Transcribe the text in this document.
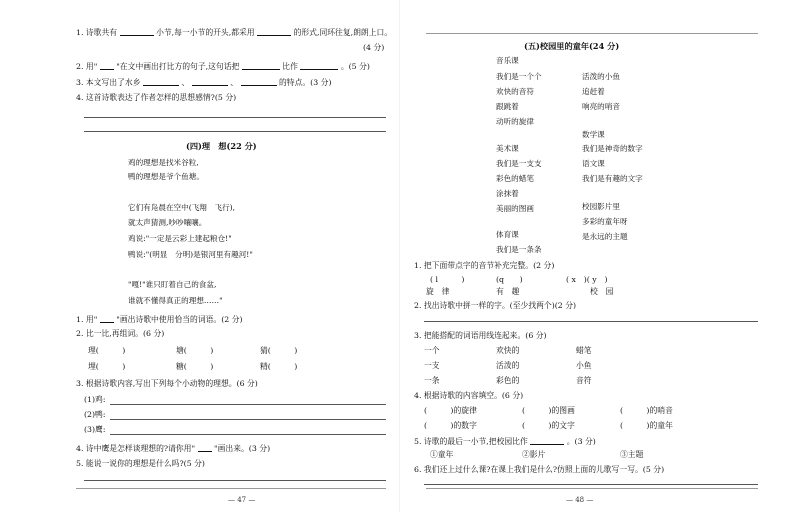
1. 诗歌共有	小节,每一小节的开头,都采用	的形式,同环往复,朗朗上口。
(4 分)
2. 用" "在文中画出打比方的句子,这句话把	比作	。(5 分)
3. 本文写出了水乡	、	、	的特点。(3 分)
4. 这首诗歌表达了作者怎样的思想感情?(5 分)
(四)理　想(22 分)
鸡的理想是找米谷粒,
鸭的理想是爷个鱼塘。
它们有凫晨在空中(飞翔　飞行),
就太声猜测,吵吵嚷嚷。
鸡说:"一定是云彩上建起粮仓!"
鸭说:"(明显　分明)是银河里有趣河!"
"嘎!"谁只盯着自己的食盆,
谁就不懂得真正的理想……"
1. 用" "画出诗歌中使用恰当的词语。(2 分)
2. 比一比,再组词。(6 分)
理(　　　)	塘(　　　)	猜(　　　)
埋(　　　)	糖(　　　)	精(　　　)
3. 根据诗歌内容,写出下列每个小动物的理想。(6 分)
(1)鸡:
(2)鸭:
(3)鹰:
4. 诗中鹰是怎样谈理想的?请你用" "画出来。(3 分)
5. 能说一说你的理想是什么吗?(5 分)
— 47 —
(五)校园里的童年(24 分)
音乐课
我们是一个个
欢快的音符
跟跳着
动听的旋律
美术课
我们是一支支
彩色的蜡笔
涂抹着
美丽的图画
体育课
我们是一条条
活泼的小鱼
追赶着
响亮的哨音
数学课
我们是神奇的数字
语文课
我们是有趣的文字
校园影片里
多彩的童年呀
是永远的主题
1. 把下面带点字的音节补充完整。(2 分)
( l　　　)	(q　　)	( x　)( y　)
旋　律	有　趣	校　园
2. 找出诗歌中拼一样的字。(至少找两个)(2 分)
3. 把能搭配的词语用线连起来。(6 分)
一个
一支
一条
欢快的
活泼的
彩色的
蜡笔
小鱼
音符
4. 根据诗歌的内容填空。(6 分)
(　　　)的旋律	(　　　)的图画	(　　　)的哨音
(　　　)的数字	(　　　)的文字	(　　　)的童年
5. 诗歌的最后一小节,把校园比作	。(3 分)
①童年	②影片	③主题
6. 我们还上过什么课?在课上我们是什么?仿照上面的儿歌写一写。(5 分)
— 48 —
